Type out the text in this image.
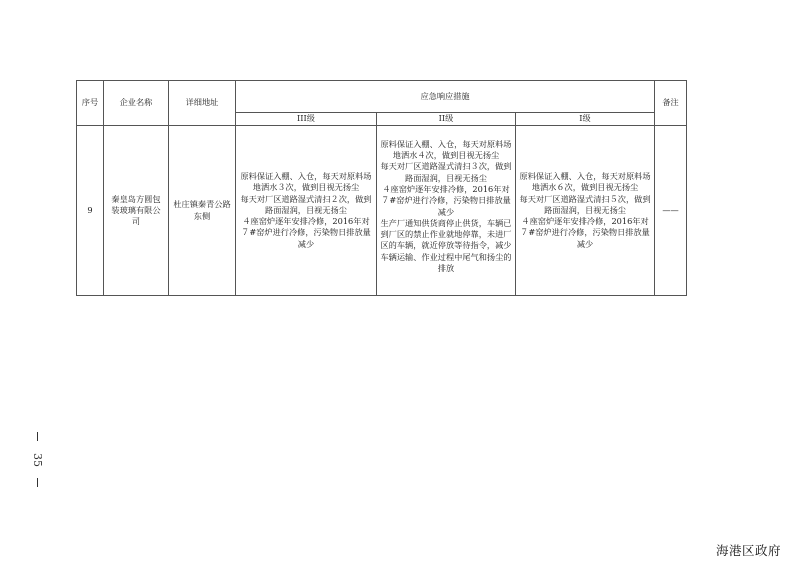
序号	企业名称	详细地址	应急响应措施			备注
			III级	II级	I级	
9	秦皇岛方圆包装玻璃有限公司	杜庄镇秦青公路东侧	原料保证入棚、入仓，每天对原料场地洒水３次，做到目视无扬尘
每天对厂区道路湿式清扫２次，做到路面湿润，目视无扬尘
４座窑炉逐年安排冷修，2016年对７#窑炉进行冷修，污染物日排放量减少	原料保证入棚、入仓，每天对原料场地洒水４次，做到目视无扬尘
每天对厂区道路湿式清扫３次，做到路面湿润，目视无扬尘
４座窑炉逐年安排冷修，2016年对７#窑炉进行冷修，污染物日排放量减少
生产厂通知供货商停止供货，车辆已到厂区的禁止作业就地停靠，未进厂区的车辆，就近停放等待指令，减少车辆运输、作业过程中尾气和扬尘的排放	原料保证入棚、入仓，每天对原料场地洒水６次，做到目视无扬尘
每天对厂区道路湿式清扫５次，做到路面湿润，目视无扬尘
４座窑炉逐年安排冷修，2016年对７#窑炉进行冷修，污染物日排放量减少	——
35
海港区政府
